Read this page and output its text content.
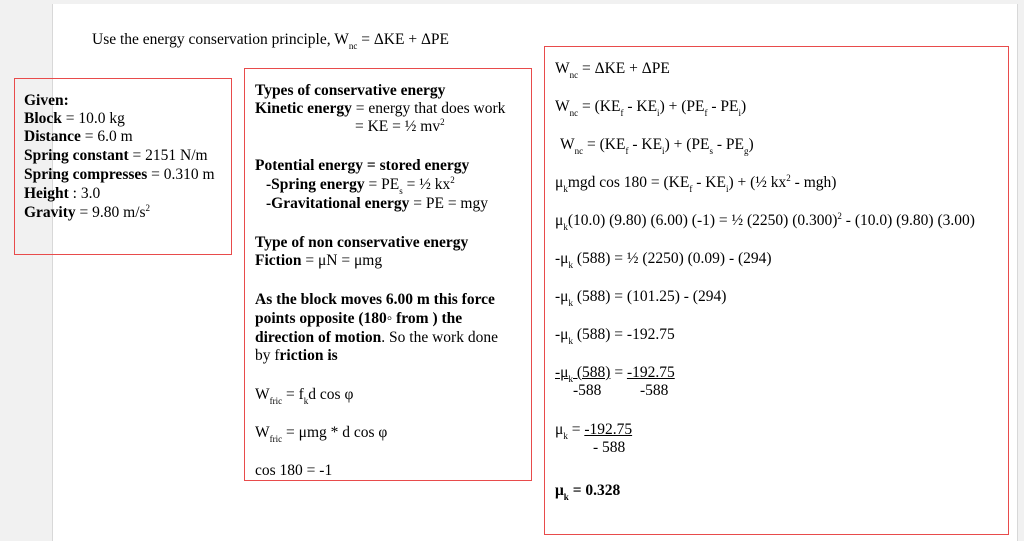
Use the energy conservation principle, $W_{nc} = \Delta KE + \Delta PE$
Given:
Block = 10.0 kg
Distance = 6.0 m
Spring constant = 2151 N/m
Spring compresses = 0.310 m
Height : 3.0
Gravity = 9.80 $m/s^2$
Types of conservative energy
Kinetic energy = energy that does work
= KE = ½ $mv^2$
Potential energy = stored energy
-Spring energy = $PE_s$ = ½ $kx^2$
-Gravitational energy = PE = mgy
Type of non conservative energy
Fiction = μN = μmg
As the block moves 6.00 m this force
points opposite (180◦ from ) the
direction of motion. So the work done
by friction is
$W_{fric} = f_kd$ cos φ
$W_{fric} = \mu mg * d$ cos φ
cos 180 = -1
$W_{nc} = \Delta KE + \Delta PE$
$W_{nc} = (KE_f - KE_i) + (PE_f - PE_i)$
$W_{nc} = (KE_f - KE_i) + (PE_s - PE_g)$
$\mu_kmgd$ $\cos 180 = (KE_f - KE_i)$ + (½ $kx^2 - mgh$)
$\mu_k(10.0)$ (9.80) (6.00) (-1) = ½ (2250) $(0.300)^2 - (10.0)$ (9.80) (3.00)
$-\mu_k$ (588) = ½ (2250) (0.09) - (294)
$-\mu_k$ (588) = (101.25) - (294)
$-\mu_k$ (588) = -192.75
$-\mu_k$ (588) = -192.75
-588 -588
$\mu_k = -192.75$
- 588
$\mu_k = 0.328$
